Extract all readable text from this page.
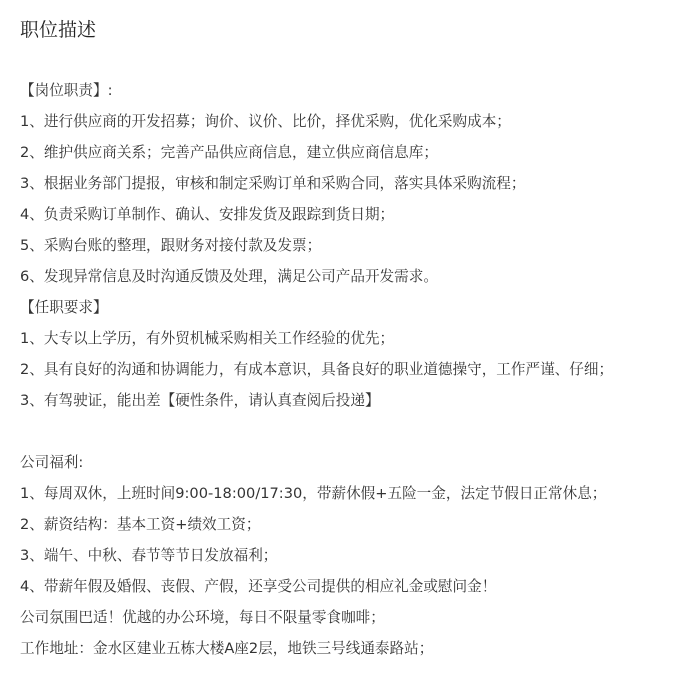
职位描述
【岗位职责】:
1、进行供应商的开发招募；询价、议价、比价，择优采购，优化采购成本；
2、维护供应商关系；完善产品供应商信息，建立供应商信息库；
3、根据业务部门提报，审核和制定采购订单和采购合同，落实具体采购流程；
4、负责采购订单制作、确认、安排发货及跟踪到货日期；
5、采购台账的整理，跟财务对接付款及发票；
6、发现异常信息及时沟通反馈及处理，满足公司产品开发需求。
【任职要求】
1、大专以上学历，有外贸机械采购相关工作经验的优先；
2、具有良好的沟通和协调能力，有成本意识，具备良好的职业道德操守，工作严谨、仔细；
3、有驾驶证，能出差【硬性条件，请认真查阅后投递】
公司福利:
1、每周双休，上班时间9:00-18:00/17:30，带薪休假+五险一金，法定节假日正常休息；
2、薪资结构：基本工资+绩效工资；
3、端午、中秋、春节等节日发放福利；
4、带薪年假及婚假、丧假、产假，还享受公司提供的相应礼金或慰问金！
公司氛围巴适！优越的办公环境，每日不限量零食咖啡；
工作地址：金水区建业五栋大楼A座2层，地铁三号线通泰路站；
